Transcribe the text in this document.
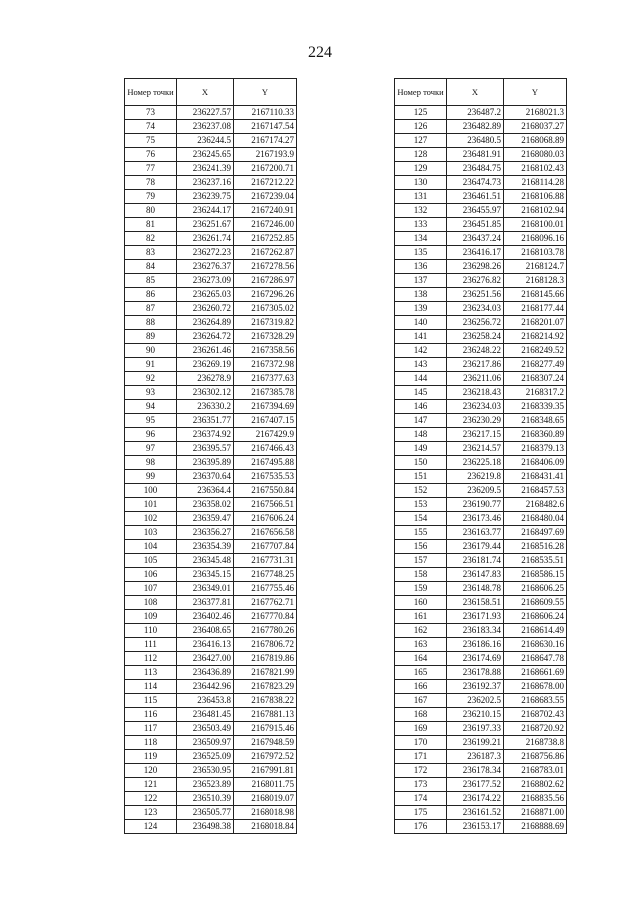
224
Номер точки	X	Y
73	236227.57	2167110.33
74	236237.08	2167147.54
75	236244.5	2167174.27
76	236245.65	2167193.9
77	236241.39	2167200.71
78	236237.16	2167212.22
79	236239.75	2167239.04
80	236244.17	2167240.91
81	236251.67	2167246.00
82	236261.74	2167252.85
83	236272.23	2167262.87
84	236276.37	2167278.56
85	236273.09	2167286.97
86	236265.03	2167296.26
87	236260.72	2167305.02
88	236264.89	2167319.82
89	236264.72	2167328.29
90	236261.46	2167358.56
91	236269.19	2167372.98
92	236278.9	2167377.63
93	236302.12	2167385.78
94	236330.2	2167394.69
95	236351.77	2167407.15
96	236374.92	2167429.9
97	236395.57	2167466.43
98	236395.89	2167495.88
99	236370.64	2167535.53
100	236364.4	2167550.84
101	236358.02	2167566.51
102	236359.47	2167606.24
103	236356.27	2167656.58
104	236354.39	2167707.84
105	236345.48	2167731.31
106	236345.15	2167748.25
107	236349.01	2167755.46
108	236377.81	2167762.71
109	236402.46	2167770.84
110	236408.65	2167780.26
111	236416.13	2167806.72
112	236427.00	2167819.86
113	236436.89	2167821.99
114	236442.96	2167823.29
115	236453.8	2167838.22
116	236481.45	2167881.13
117	236503.49	2167915.46
118	236509.97	2167948.59
119	236525.09	2167972.52
120	236530.95	2167991.81
121	236523.89	2168011.75
122	236510.39	2168019.07
123	236505.77	2168018.98
124	236498.38	2168018.84
Номер точки	X	Y
125	236487.2	2168021.3
126	236482.89	2168037.27
127	236480.5	2168068.89
128	236481.91	2168080.03
129	236484.75	2168102.43
130	236474.73	2168114.28
131	236461.51	2168106.88
132	236455.97	2168102.94
133	236451.85	2168100.01
134	236437.24	2168096.16
135	236416.17	2168103.78
136	236298.26	2168124.7
137	236276.82	2168128.3
138	236251.56	2168145.66
139	236234.03	2168177.44
140	236256.72	2168201.07
141	236258.24	2168214.92
142	236248.22	2168249.52
143	236217.86	2168277.49
144	236211.06	2168307.24
145	236218.43	2168317.2
146	236234.03	2168339.35
147	236230.29	2168348.65
148	236217.15	2168360.89
149	236214.57	2168379.13
150	236225.18	2168406.09
151	236219.8	2168431.41
152	236209.5	2168457.53
153	236190.77	2168482.6
154	236173.46	2168480.04
155	236163.77	2168497.69
156	236179.44	2168516.28
157	236181.74	2168535.51
158	236147.83	2168586.15
159	236148.78	2168606.25
160	236158.51	2168609.55
161	236171.93	2168606.24
162	236183.34	2168614.49
163	236186.16	2168630.16
164	236174.69	2168647.78
165	236178.88	2168661.69
166	236192.37	2168678.00
167	236202.5	2168683.55
168	236210.15	2168702.43
169	236197.33	2168720.92
170	236199.21	2168738.8
171	236187.3	2168756.86
172	236178.34	2168783.01
173	236177.52	2168802.62
174	236174.22	2168835.56
175	236161.52	2168871.00
176	236153.17	2168888.69
